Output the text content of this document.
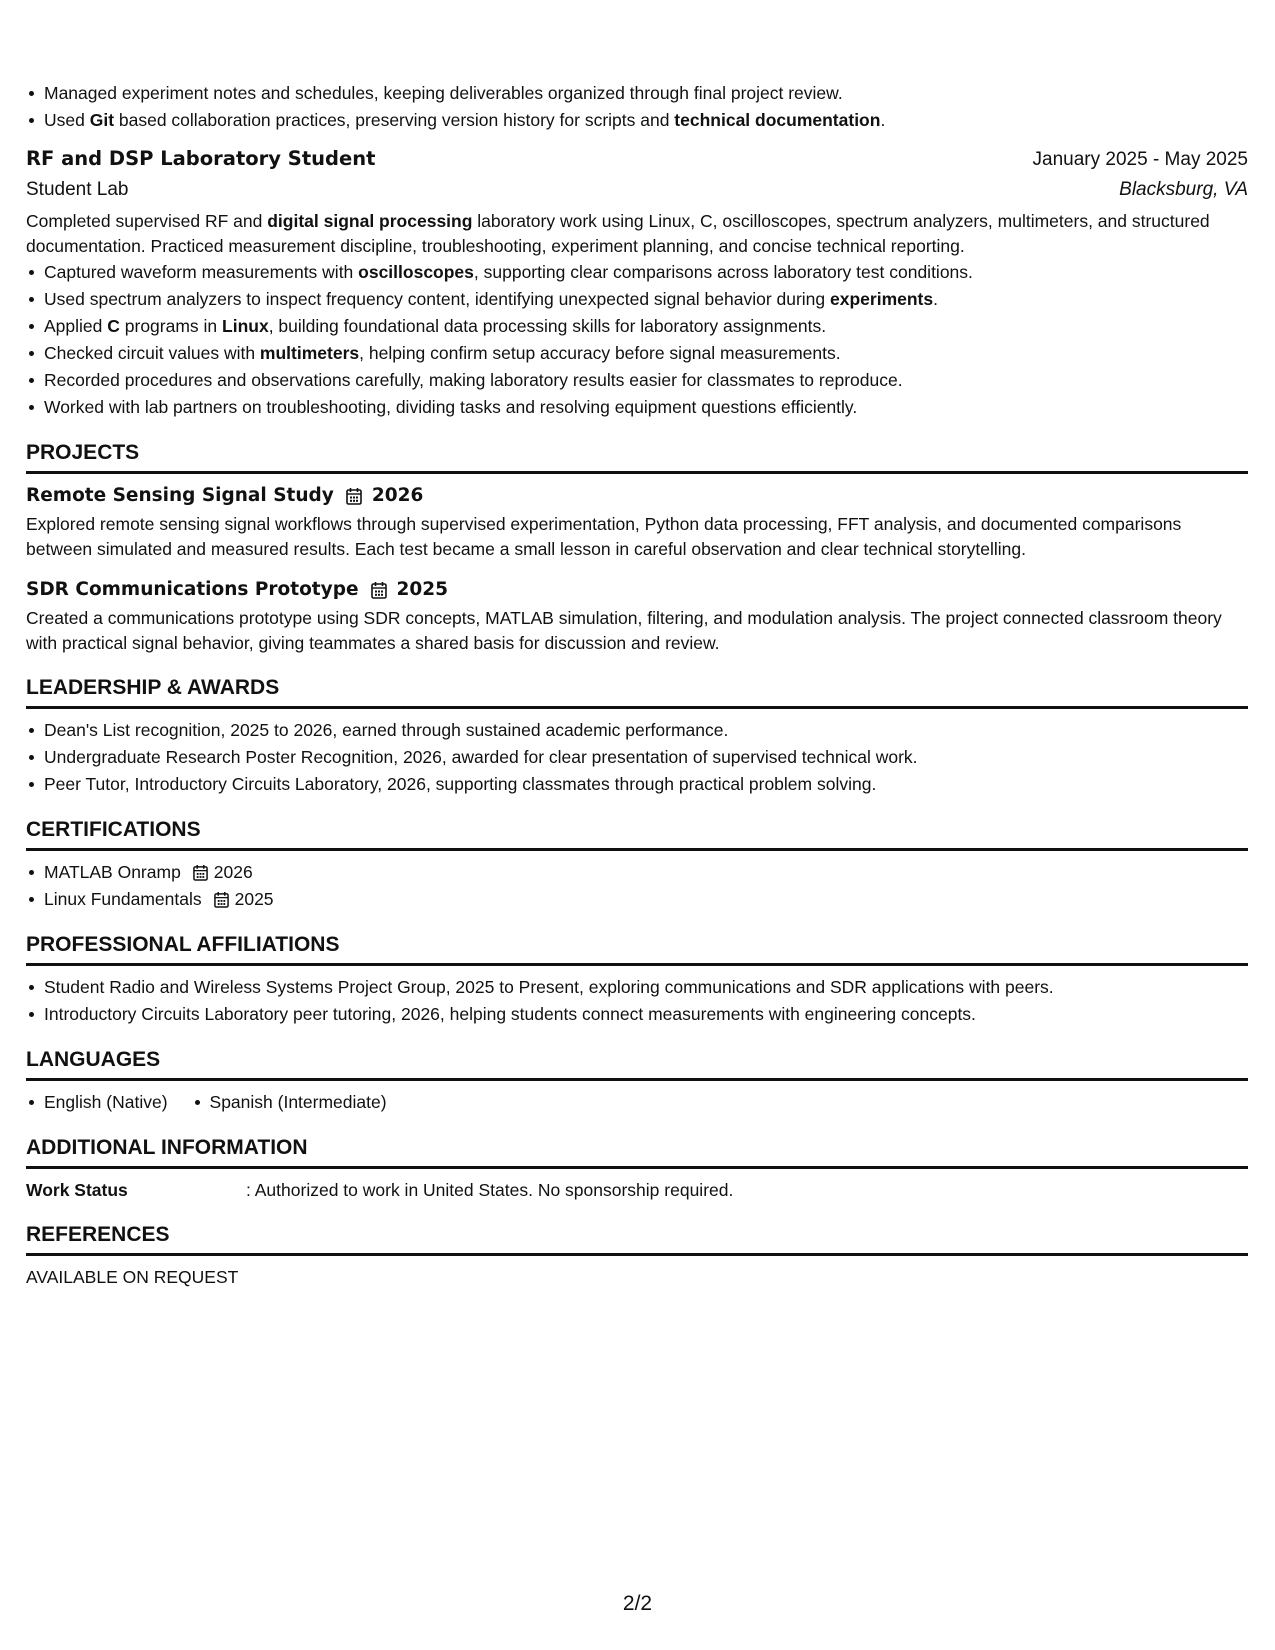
Managed experiment notes and schedules, keeping deliverables organized through final project review.
Used Git based collaboration practices, preserving version history for scripts and technical documentation.
RF and DSP Laboratory Student	January 2025 - May 2025
Student Lab	Blacksburg, VA
Completed supervised RF and digital signal processing laboratory work using Linux, C, oscilloscopes, spectrum analyzers, multimeters, and structured documentation. Practiced measurement discipline, troubleshooting, experiment planning, and concise technical reporting.
Captured waveform measurements with oscilloscopes, supporting clear comparisons across laboratory test conditions.
Used spectrum analyzers to inspect frequency content, identifying unexpected signal behavior during experiments.
Applied C programs in Linux, building foundational data processing skills for laboratory assignments.
Checked circuit values with multimeters, helping confirm setup accuracy before signal measurements.
Recorded procedures and observations carefully, making laboratory results easier for classmates to reproduce.
Worked with lab partners on troubleshooting, dividing tasks and resolving equipment questions efficiently.
PROJECTS
Remote Sensing Signal Study 2026
Explored remote sensing signal workflows through supervised experimentation, Python data processing, FFT analysis, and documented comparisons between simulated and measured results. Each test became a small lesson in careful observation and clear technical storytelling.
SDR Communications Prototype 2025
Created a communications prototype using SDR concepts, MATLAB simulation, filtering, and modulation analysis. The project connected classroom theory with practical signal behavior, giving teammates a shared basis for discussion and review.
LEADERSHIP & AWARDS
Dean's List recognition, 2025 to 2026, earned through sustained academic performance.
Undergraduate Research Poster Recognition, 2026, awarded for clear presentation of supervised technical work.
Peer Tutor, Introductory Circuits Laboratory, 2026, supporting classmates through practical problem solving.
CERTIFICATIONS
MATLAB Onramp 2026
Linux Fundamentals 2025
PROFESSIONAL AFFILIATIONS
Student Radio and Wireless Systems Project Group, 2025 to Present, exploring communications and SDR applications with peers.
Introductory Circuits Laboratory peer tutoring, 2026, helping students connect measurements with engineering concepts.
LANGUAGES
English (Native) Spanish (Intermediate)
ADDITIONAL INFORMATION
Work Status	: Authorized to work in United States. No sponsorship required.
REFERENCES
AVAILABLE ON REQUEST
2/2
